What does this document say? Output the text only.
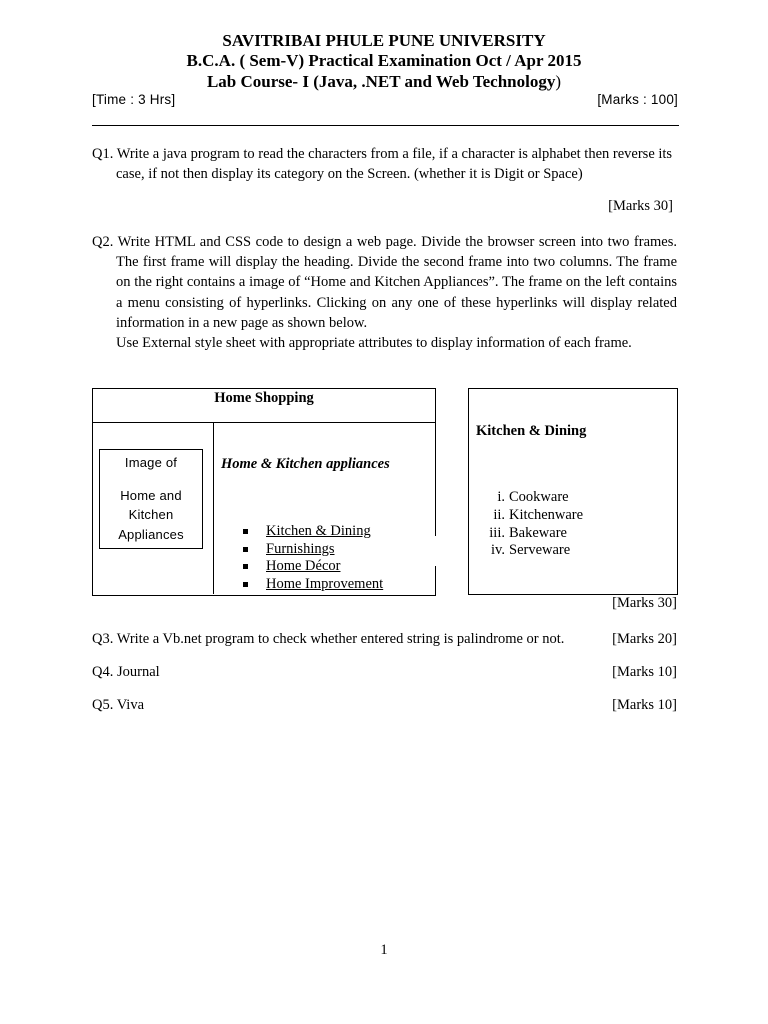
SAVITRIBAI PHULE PUNE UNIVERSITY
B.C.A. ( Sem-V) Practical Examination Oct / Apr 2015
Lab Course- I (Java, .NET and Web Technology)
[Time : 3 Hrs]	[Marks : 100]

Q1. Write a java program to read the characters from a file, if a character is alphabet then reverse its case, if not then display its category on the Screen. (whether it is Digit or Space)

[Marks 30]

Q2. Write HTML and CSS code to design a web page. Divide the browser screen into two frames. The first frame will display the heading. Divide the second frame into two columns. The frame on the right contains a image of “Home and Kitchen Appliances”. The frame on the left contains a menu consisting of hyperlinks. Clicking on any one of these hyperlinks will display related information in a new page as shown below.

Use External style sheet with appropriate attributes to display information of each frame.

Home Shopping
Image of
Home and
Kitchen
Appliances
Home & Kitchen appliances
Kitchen & Dining
Furnishings
Home Décor
Home Improvement
Kitchen & Dining
i. Cookware
ii. Kitchenware
iii. Bakeware
iv. Serveware
[Marks 30]
Q3. Write a Vb.net program to check whether entered string is palindrome or not.	[Marks 20]
Q4. Journal	[Marks 10]
Q5. Viva	[Marks 10]
1
